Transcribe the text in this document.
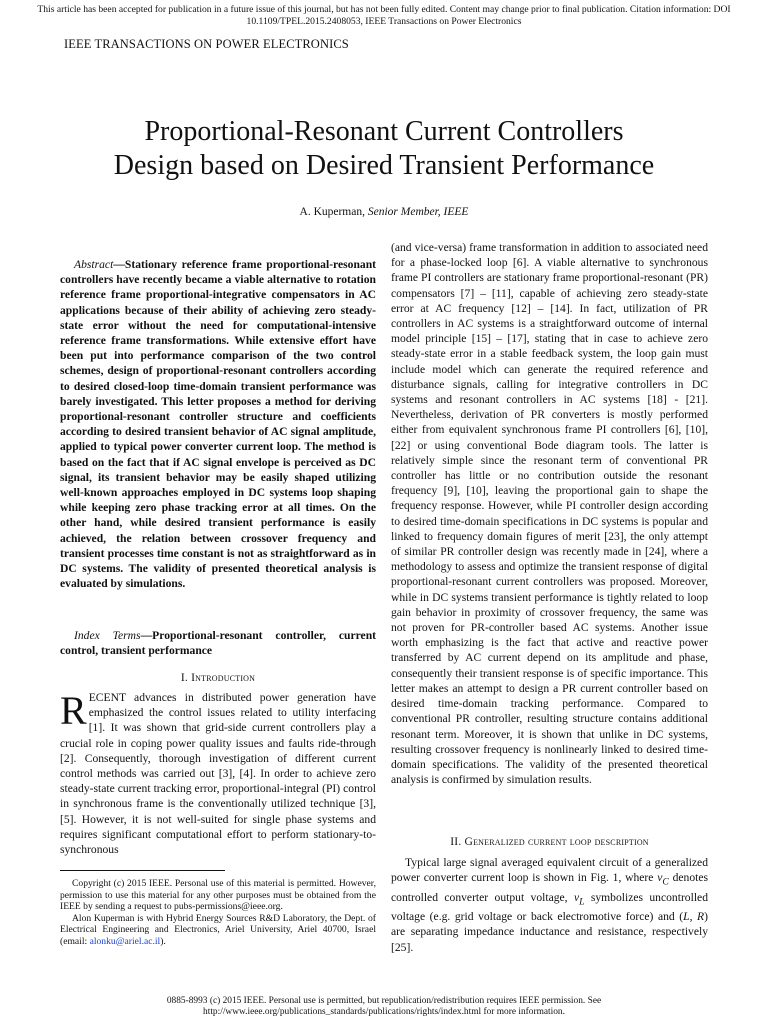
This article has been accepted for publication in a future issue of this journal, but has not been fully edited. Content may change prior to final publication. Citation information: DOI
10.1109/TPEL.2015.2408053, IEEE Transactions on Power Electronics
IEEE TRANSACTIONS ON POWER ELECTRONICS
Proportional-Resonant Current Controllers
Design based on Desired Transient Performance
A. Kuperman, Senior Member, IEEE
Abstract—Stationary reference frame proportional-resonant controllers have recently became a viable alternative to rotation reference frame proportional-integrative compensators in AC applications because of their ability of achieving zero steady-state error without the need for computational-intensive reference frame transformations. While extensive effort have been put into performance comparison of the two control schemes, design of proportional-resonant controllers according to desired closed-loop time-domain transient performance was barely investigated. This letter proposes a method for deriving proportional-resonant controller structure and coefficients according to desired transient behavior of AC signal amplitude, applied to typical power converter current loop. The method is based on the fact that if AC signal envelope is perceived as DC signal, its transient behavior may be easily shaped utilizing well-known approaches employed in DC systems loop shaping while keeping zero phase tracking error at all times. On the other hand, while desired transient performance is easily achieved, the relation between crossover frequency and transient processes time constant is not as straightforward as in DC systems. The validity of presented theoretical analysis is evaluated by simulations.
Index Terms—Proportional-resonant controller, current control, transient performance
I. Introduction
RECENT advances in distributed power generation have emphasized the control issues related to utility interfacing [1]. It was shown that grid-side current controllers play a crucial role in coping power quality issues and faults ride-through [2]. Consequently, thorough investigation of different current control methods was carried out [3], [4]. In order to achieve zero steady-state current tracking error, proportional-integral (PI) control in synchronous frame is the conventionally utilized technique [3], [5]. However, it is not well-suited for single phase systems and requires significant computational effort to perform stationary-to-synchronous

Copyright (c) 2015 IEEE. Personal use of this material is permitted. However, permission to use this material for any other purposes must be obtained from the IEEE by sending a request to pubs-permissions@ieee.org.

Alon Kuperman is with Hybrid Energy Sources R&D Laboratory, the Dept. of Electrical Engineering and Electronics, Ariel University, Ariel 40700, Israel (email: alonku@ariel.ac.il).

(and vice-versa) frame transformation in addition to associated need for a phase-locked loop [6]. A viable alternative to synchronous frame PI controllers are stationary frame proportional-resonant (PR) compensators [7] – [11], capable of achieving zero steady-state error at AC frequency [12] – [14]. In fact, utilization of PR controllers in AC systems is a straightforward outcome of internal model principle [15] – [17], stating that in case to achieve zero steady-state error in a stable feedback system, the loop gain must include model which can generate the required reference and disturbance signals, calling for integrative controllers in DC systems and resonant controllers in AC systems [18] - [21]. Nevertheless, derivation of PR converters is mostly performed either from equivalent synchronous frame PI controllers [6], [10], [22] or using conventional Bode diagram tools. The latter is relatively simple since the resonant term of conventional PR controller has little or no contribution outside the resonant frequency [9], [10], leaving the proportional gain to shape the frequency response. However, while PI controller design according to desired time-domain specifications in DC systems is popular and linked to frequency domain figures of merit [23], the only attempt of similar PR controller design was recently made in [24], where a methodology to assess and optimize the transient response of digital proportional-resonant current controllers was proposed. Moreover, while in DC systems transient performance is tightly related to loop gain behavior in proximity of crossover frequency, the same was not proven for PR-controller based AC systems. Another issue worth emphasizing is the fact that active and reactive power transferred by AC current depend on its amplitude and phase, consequently their transient response is of specific importance. This letter makes an attempt to design a PR current controller based on desired time-domain tracking performance. Compared to conventional PR controller, resulting structure contains additional resonant term. Moreover, it is shown that unlike in DC systems, resulting crossover frequency is nonlinearly linked to desired time-domain specifications. The validity of the presented theoretical analysis is confirmed by simulation results.

II. Generalized current loop description
Typical large signal averaged equivalent circuit of a generalized power converter current loop is shown in Fig. 1, where $v_C$ denotes controlled converter output voltage, $v_L$ symbolizes uncontrolled voltage (e.g. grid voltage or back electromotive force) and (L, R) are separating impedance inductance and resistance, respectively [25].
0885-8993 (c) 2015 IEEE. Personal use is permitted, but republication/redistribution requires IEEE permission. See
http://www.ieee.org/publications_standards/publications/rights/index.html for more information.
